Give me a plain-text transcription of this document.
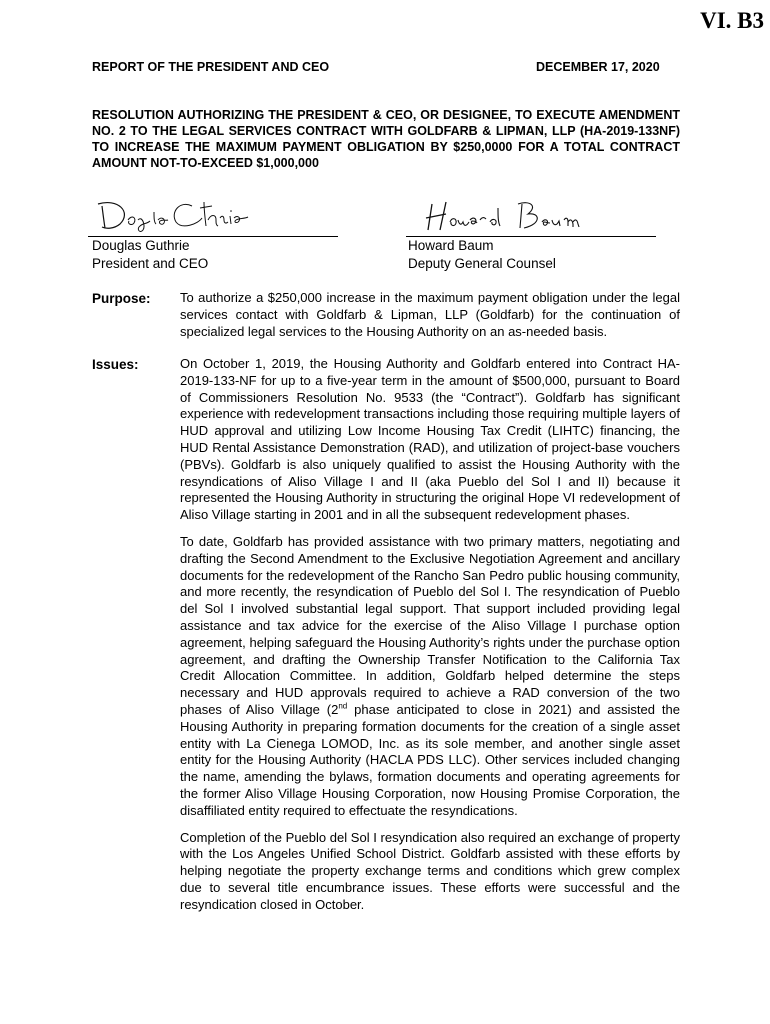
VI. B3
REPORT OF THE PRESIDENT AND CEO	DECEMBER 17, 2020

RESOLUTION AUTHORIZING THE PRESIDENT & CEO, OR DESIGNEE, TO EXECUTE AMENDMENT NO. 2 TO THE LEGAL SERVICES CONTRACT WITH GOLDFARB & LIPMAN, LLP (HA-2019-133NF) TO INCREASE THE MAXIMUM PAYMENT OBLIGATION BY $250,0000 FOR A TOTAL CONTRACT AMOUNT NOT-TO-EXCEED $1,000,000

Douglas Guthrie
President and CEO
Howard Baum
Deputy General Counsel
Purpose: To authorize a $250,000 increase in the maximum payment obligation under the legal services contact with Goldfarb & Lipman, LLP (Goldfarb) for the continuation of specialized legal services to the Housing Authority on an as-needed basis.

Issues:	On October 1, 2019, the Housing Authority and Goldfarb entered into Contract HA-2019-133-NF for up to a five-year term in the amount of $500,000, pursuant to Board of Commissioners Resolution No. 9533 (the “Contract”). Goldfarb has significant experience with redevelopment transactions including those requiring multiple layers of HUD approval and utilizing Low Income Housing Tax Credit (LIHTC) financing, the HUD Rental Assistance Demonstration (RAD), and utilization of project-base vouchers (PBVs). Goldfarb is also uniquely qualified to assist the Housing Authority with the resyndications of Aliso Village I and II (aka Pueblo del Sol I and II) because it represented the Housing Authority in structuring the original Hope VI redevelopment of Aliso Village starting in 2001 and in all the subsequent redevelopment phases.

To date, Goldfarb has provided assistance with two primary matters, negotiating and drafting the Second Amendment to the Exclusive Negotiation Agreement and ancillary documents for the redevelopment of the Rancho San Pedro public housing community, and more recently, the resyndication of Pueblo del Sol I. The resyndication of Pueblo del Sol I involved substantial legal support. That support included providing legal assistance and tax advice for the exercise of the Aliso Village I purchase option agreement, helping safeguard the Housing Authority’s rights under the purchase option agreement, and drafting the Ownership Transfer Notification to the California Tax Credit Allocation Committee. In addition, Goldfarb helped determine the steps necessary and HUD approvals required to achieve a RAD conversion of the two phases of Aliso Village (2nd phase anticipated to close in 2021) and assisted the Housing Authority in preparing formation documents for the creation of a single asset entity with La Cienega LOMOD, Inc. as its sole member, and another single asset entity for the Housing Authority (HACLA PDS LLC). Other services included changing the name, amending the bylaws, formation documents and operating agreements for the former Aliso Village Housing Corporation, now Housing Promise Corporation, the disaffiliated entity required to effectuate the resyndications.

Completion of the Pueblo del Sol I resyndication also required an exchange of property with the Los Angeles Unified School District. Goldfarb assisted with these efforts by helping negotiate the property exchange terms and conditions which grew complex due to several title encumbrance issues. These efforts were successful and the resyndication closed in October.
